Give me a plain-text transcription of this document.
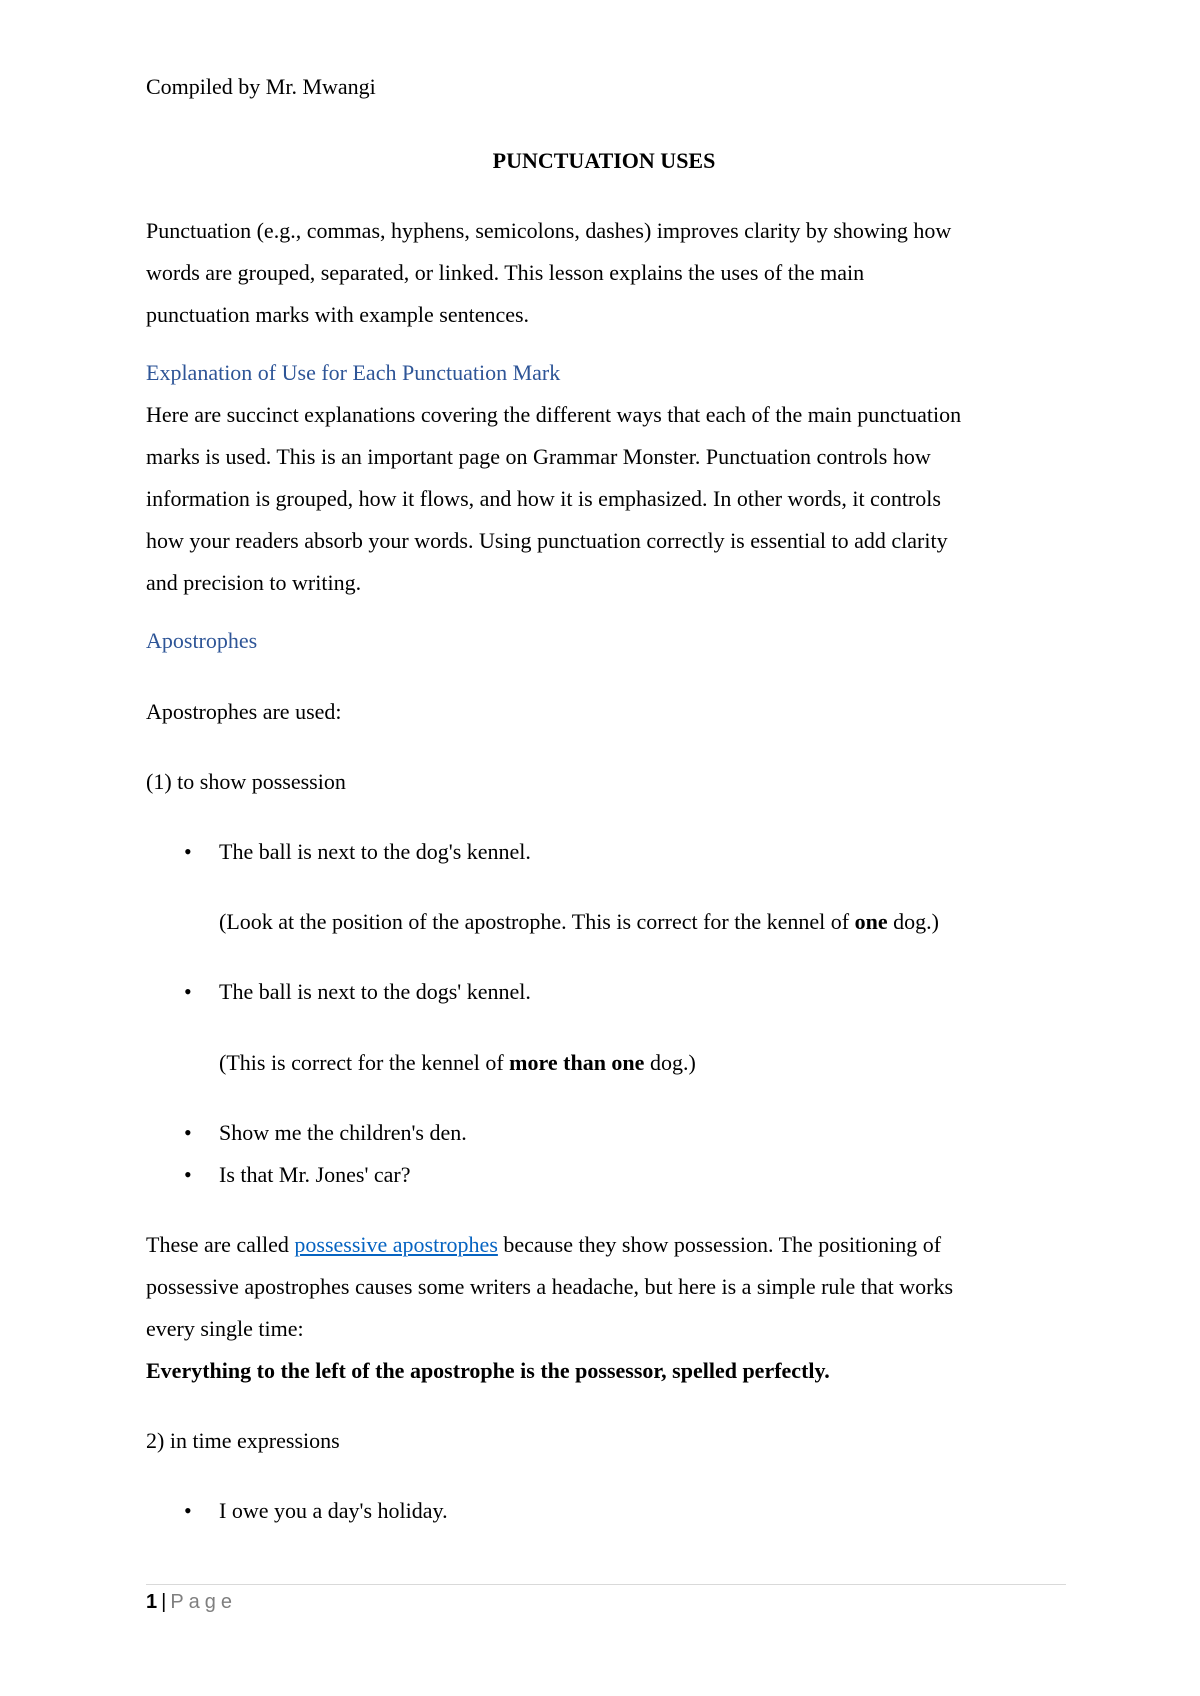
Compiled by Mr. Mwangi
PUNCTUATION USES
Punctuation (e.g., commas, hyphens, semicolons, dashes) improves clarity by showing how
words are grouped, separated, or linked. This lesson explains the uses of the main
punctuation marks with example sentences.
Explanation of Use for Each Punctuation Mark
Here are succinct explanations covering the different ways that each of the main punctuation
marks is used. This is an important page on Grammar Monster. Punctuation controls how
information is grouped, how it flows, and how it is emphasized. In other words, it controls
how your readers absorb your words. Using punctuation correctly is essential to add clarity
and precision to writing.
Apostrophes
Apostrophes are used:
(1) to show possession
• The ball is next to the dog's kennel.
(Look at the position of the apostrophe. This is correct for the kennel of one dog.)
• The ball is next to the dogs' kennel.
(This is correct for the kennel of more than one dog.)
• Show me the children's den.
• Is that Mr. Jones' car?
These are called possessive apostrophes because they show possession. The positioning of
possessive apostrophes causes some writers a headache, but here is a simple rule that works
every single time:
Everything to the left of the apostrophe is the possessor, spelled perfectly.
2) in time expressions
• I owe you a day's holiday.
1 | Page
